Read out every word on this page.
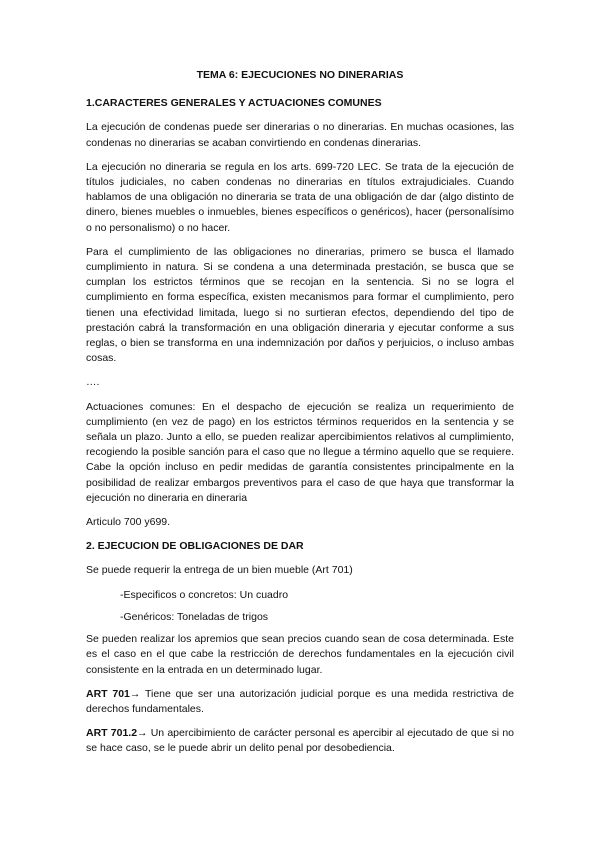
TEMA 6: EJECUCIONES NO DINERARIAS
1.CARACTERES GENERALES Y ACTUACIONES COMUNES

La ejecución de condenas puede ser dinerarias o no dinerarias. En muchas ocasiones, las condenas no dinerarias se acaban convirtiendo en condenas dinerarias.

La ejecución no dineraria se regula en los arts. 699-720 LEC. Se trata de la ejecución de títulos judiciales, no caben condenas no dinerarias en títulos extrajudiciales. Cuando hablamos de una obligación no dineraria se trata de una obligación de dar (algo distinto de dinero, bienes muebles o inmuebles, bienes específicos o genéricos), hacer (personalísimo o no personalismo) o no hacer.

Para el cumplimiento de las obligaciones no dinerarias, primero se busca el llamado cumplimiento in natura. Si se condena a una determinada prestación, se busca que se cumplan los estrictos términos que se recojan en la sentencia. Si no se logra el cumplimiento en forma específica, existen mecanismos para formar el cumplimiento, pero tienen una efectividad limitada, luego si no surtieran efectos, dependiendo del tipo de prestación cabrá la transformación en una obligación dineraria y ejecutar conforme a sus reglas, o bien se transforma en una indemnización por daños y perjuicios, o incluso ambas cosas.

….

Actuaciones comunes: En el despacho de ejecución se realiza un requerimiento de cumplimiento (en vez de pago) en los estrictos términos requeridos en la sentencia y se señala un plazo. Junto a ello, se pueden realizar apercibimientos relativos al cumplimiento, recogiendo la posible sanción para el caso que no llegue a término aquello que se requiere. Cabe la opción incluso en pedir medidas de garantía consistentes principalmente en la posibilidad de realizar embargos preventivos para el caso de que haya que transformar la ejecución no dineraria en dineraria

Articulo 700 y699.

2. EJECUCION DE OBLIGACIONES DE DAR

Se puede requerir la entrega de un bien mueble (Art 701)

-Especificos o concretos: Un cuadro

-Genéricos: Toneladas de trigos

Se pueden realizar los apremios que sean precios cuando sean de cosa determinada. Este es el caso en el que cabe la restricción de derechos fundamentales en la ejecución civil consistente en la entrada en un determinado lugar.

ART 701→ Tiene que ser una autorización judicial porque es una medida restrictiva de derechos fundamentales.

ART 701.2→ Un apercibimiento de carácter personal es apercibir al ejecutado de que si no se hace caso, se le puede abrir un delito penal por desobediencia.
